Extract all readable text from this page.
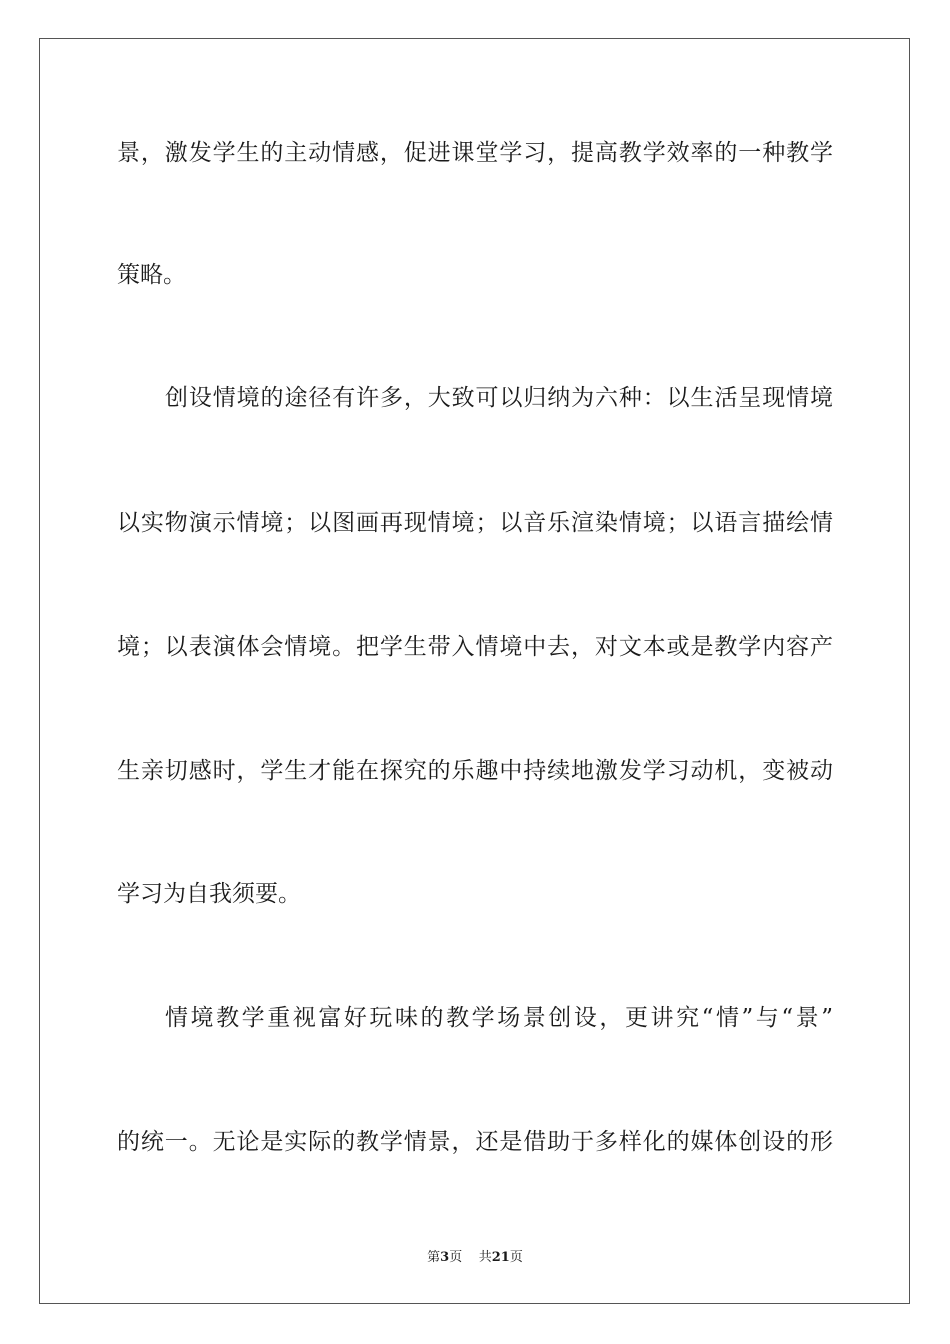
景，激发学生的主动情感，促进课堂学习，提高教学效率的一种教学
策略。
创设情境的途径有许多，大致可以归纳为六种：以生活呈现情境
以实物演示情境；以图画再现情境；以音乐渲染情境；以语言描绘情
境；以表演体会情境。把学生带入情境中去，对文本或是教学内容产
生亲切感时，学生才能在探究的乐趣中持续地激发学习动机，变被动
学习为自我须要。
情境教学重视富好玩味的教学场景创设，更讲究“情”与“景”
的统一。无论是实际的教学情景，还是借助于多样化的媒体创设的形
第3页 共21页
